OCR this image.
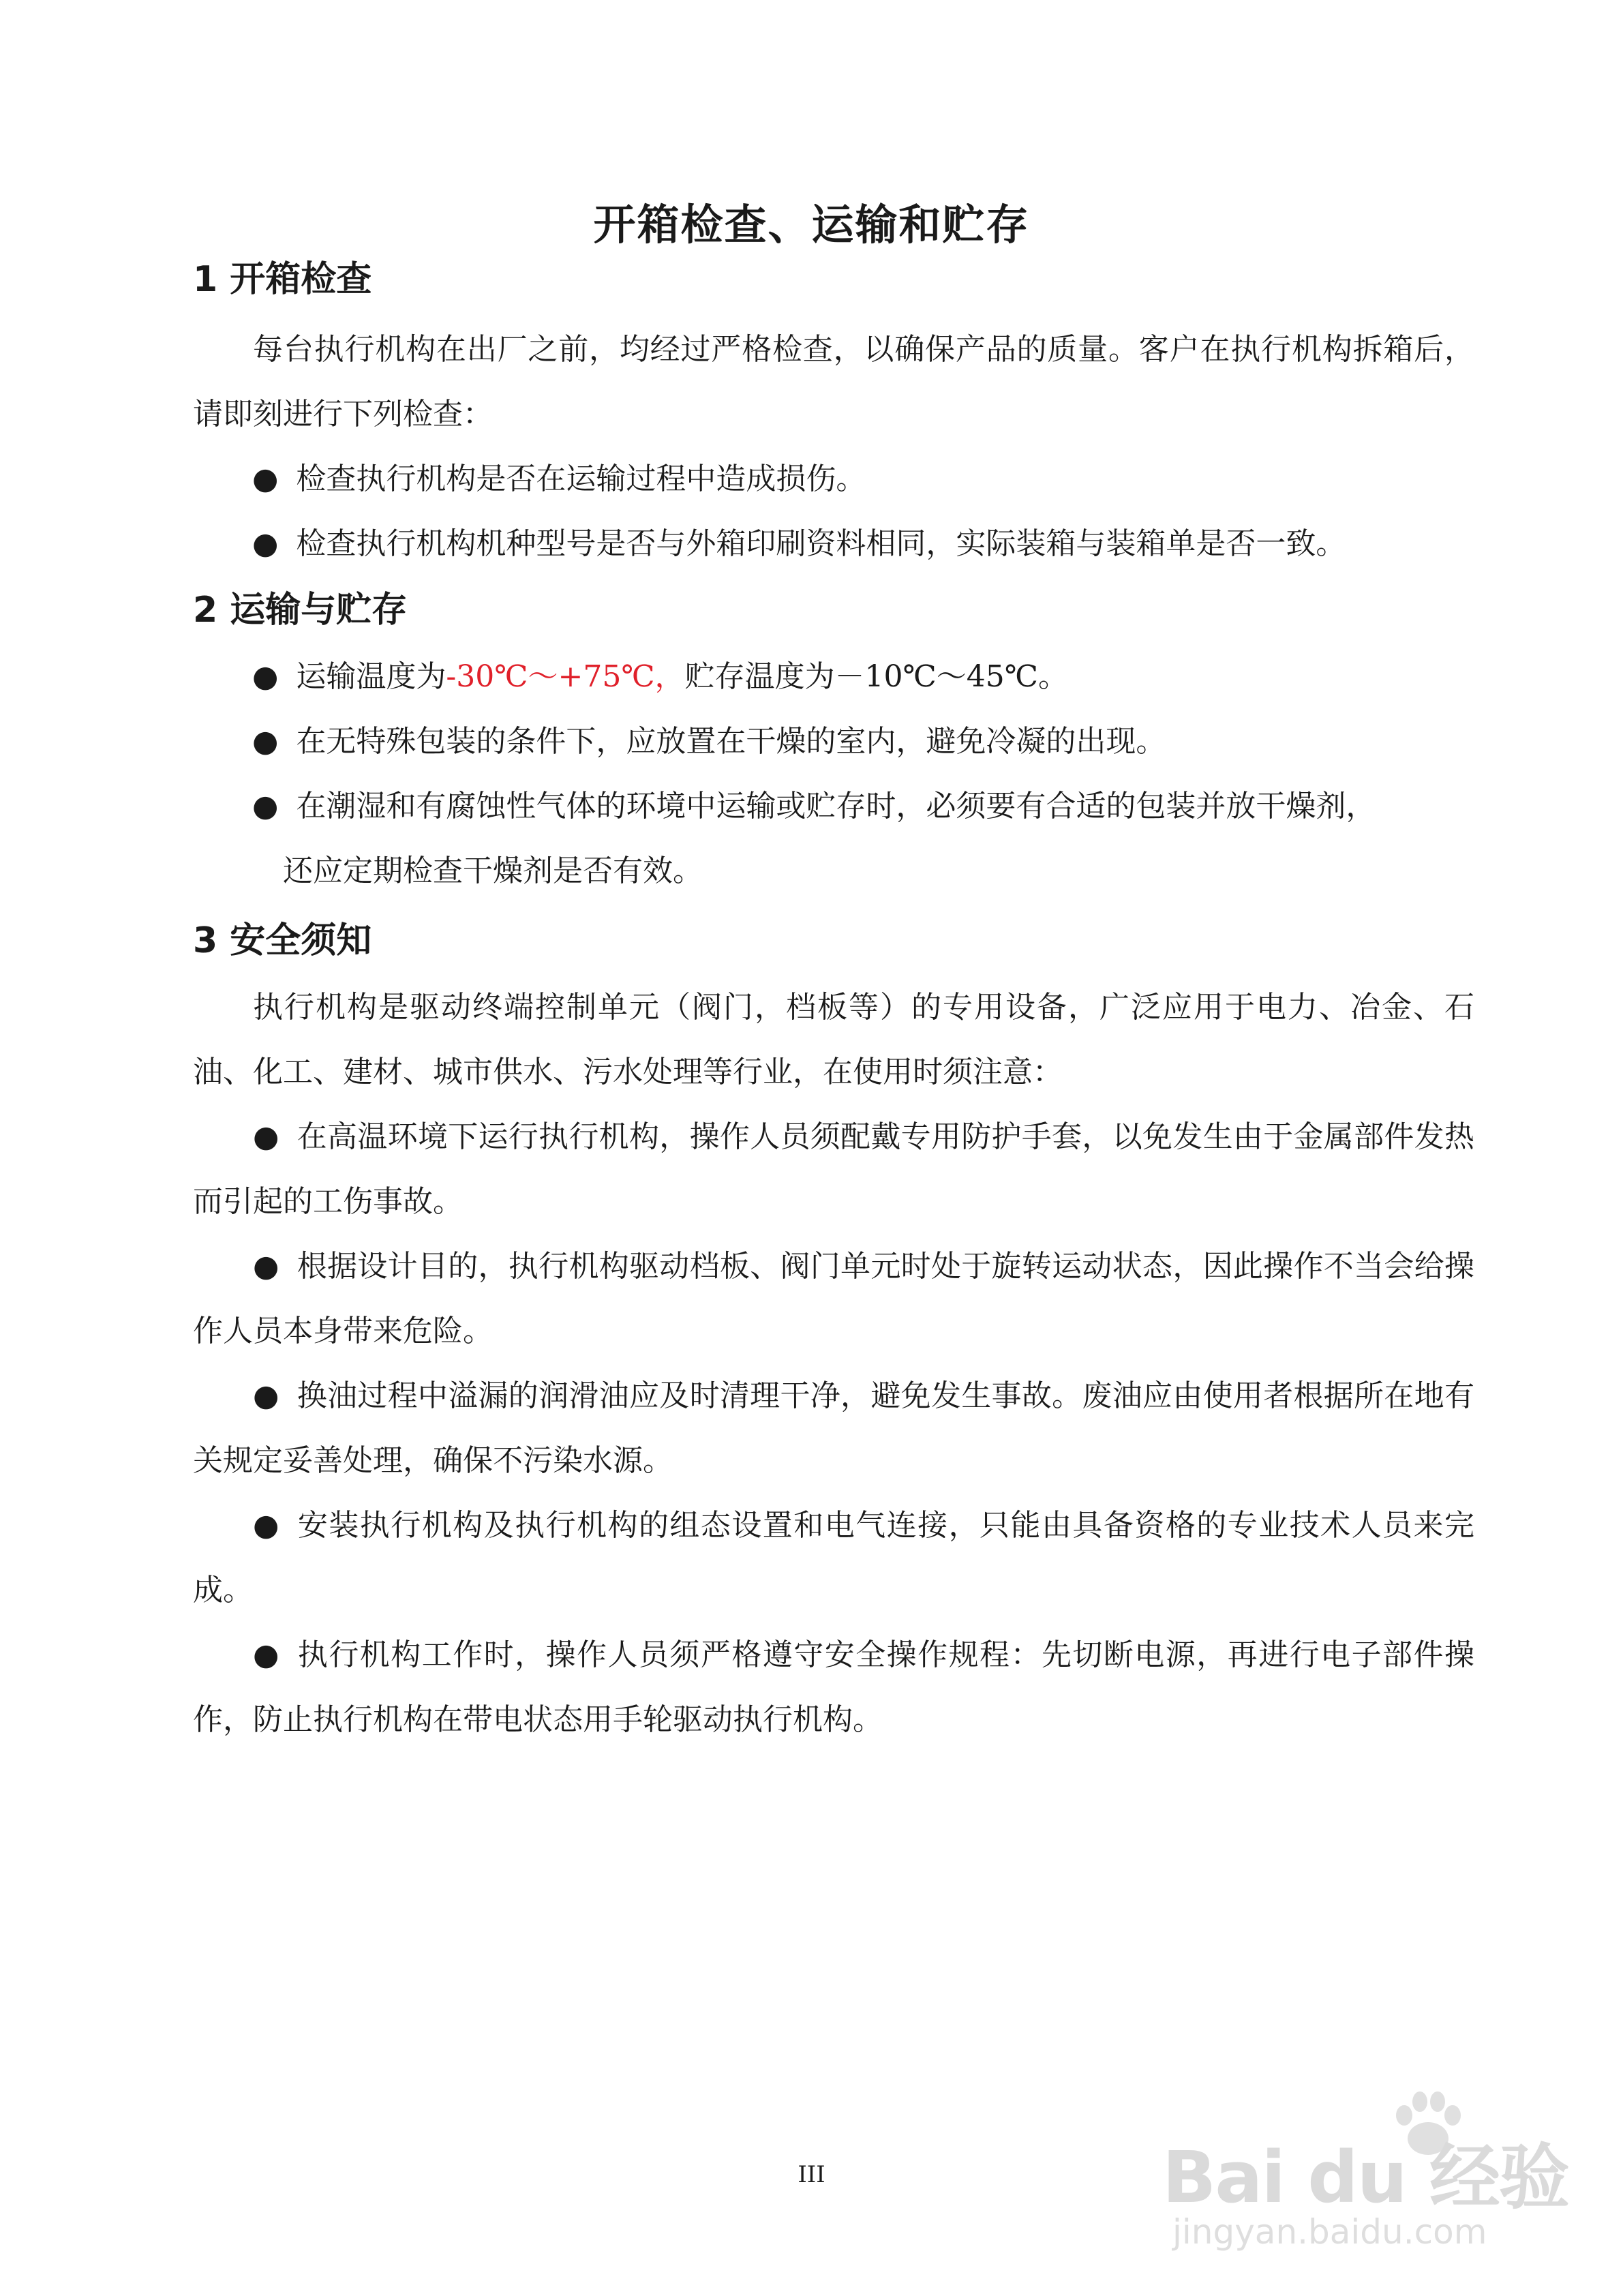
开箱检查、运输和贮存
1 开箱检查
每台执行机构在出厂之前，均经过严格检查，以确保产品的质量。客户在执行机构拆箱后，请即刻进行下列检查：
● 检查执行机构是否在运输过程中造成损伤。
● 检查执行机构机种型号是否与外箱印刷资料相同，实际装箱与装箱单是否一致。
2 运输与贮存
● 运输温度为-30℃～+75℃，贮存温度为－10℃～45℃。
● 在无特殊包装的条件下，应放置在干燥的室内，避免冷凝的出现。
● 在潮湿和有腐蚀性气体的环境中运输或贮存时，必须要有合适的包装并放干燥剂，
还应定期检查干燥剂是否有效。
3 安全须知
执行机构是驱动终端控制单元（阀门，档板等）的专用设备，广泛应用于电力、冶金、石油、化工、建材、城市供水、污水处理等行业，在使用时须注意：
● 在高温环境下运行执行机构，操作人员须配戴专用防护手套，以免发生由于金属部件发热而引起的工伤事故。
● 根据设计目的，执行机构驱动档板、阀门单元时处于旋转运动状态，因此操作不当会给操作人员本身带来危险。
● 换油过程中溢漏的润滑油应及时清理干净，避免发生事故。废油应由使用者根据所在地有关规定妥善处理，确保不污染水源。
● 安装执行机构及执行机构的组态设置和电气连接，只能由具备资格的专业技术人员来完成。
● 执行机构工作时，操作人员须严格遵守安全操作规程：先切断电源，再进行电子部件操作，防止执行机构在带电状态用手轮驱动执行机构。
III	Bai du 经验
jingyan.baidu.com
